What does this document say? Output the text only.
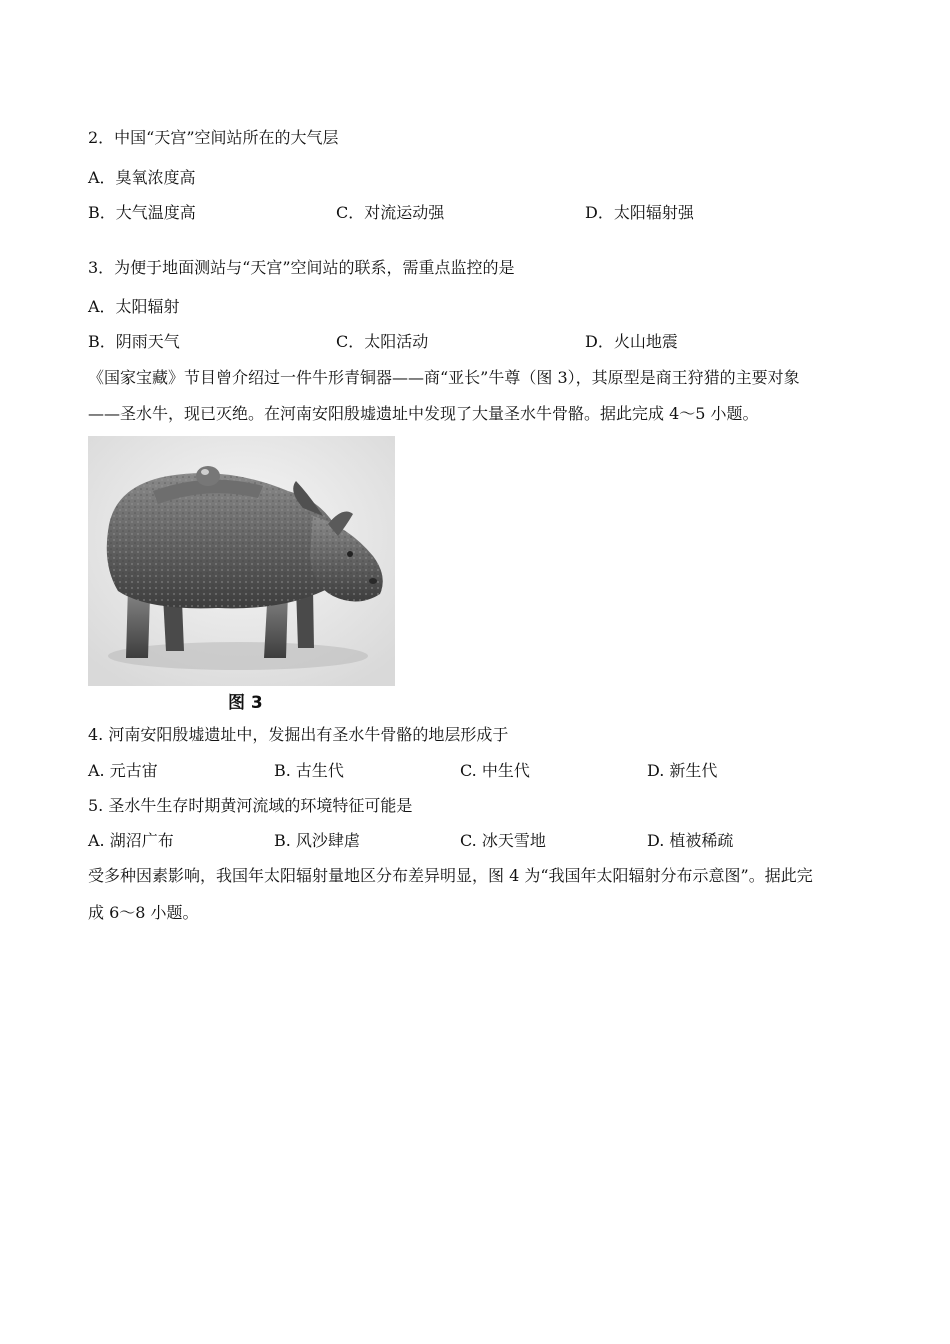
2．中国“天宫”空间站所在的大气层
A．臭氧浓度高
B．大气温度高	C．对流运动强	D．太阳辐射强
3．为便于地面测站与“天宫”空间站的联系，需重点监控的是
A．太阳辐射
B．阴雨天气	C．太阳活动	D．火山地震
《国家宝藏》节目曾介绍过一件牛形青铜器——商“亚长”牛尊（图 3），其原型是商王狩猎的主要对象
——圣水牛，现已灭绝。在河南安阳殷墟遗址中发现了大量圣水牛骨骼。据此完成 4～5 小题。
图 3
4. 河南安阳殷墟遗址中，发掘出有圣水牛骨骼的地层形成于
A. 元古宙	B. 古生代	C. 中生代	D. 新生代
5. 圣水牛生存时期黄河流域的环境特征可能是
A. 湖沼广布	B. 风沙肆虐	C. 冰天雪地	D. 植被稀疏
受多种因素影响，我国年太阳辐射量地区分布差异明显，图 4 为“我国年太阳辐射分布示意图”。据此完
成 6～8 小题。
